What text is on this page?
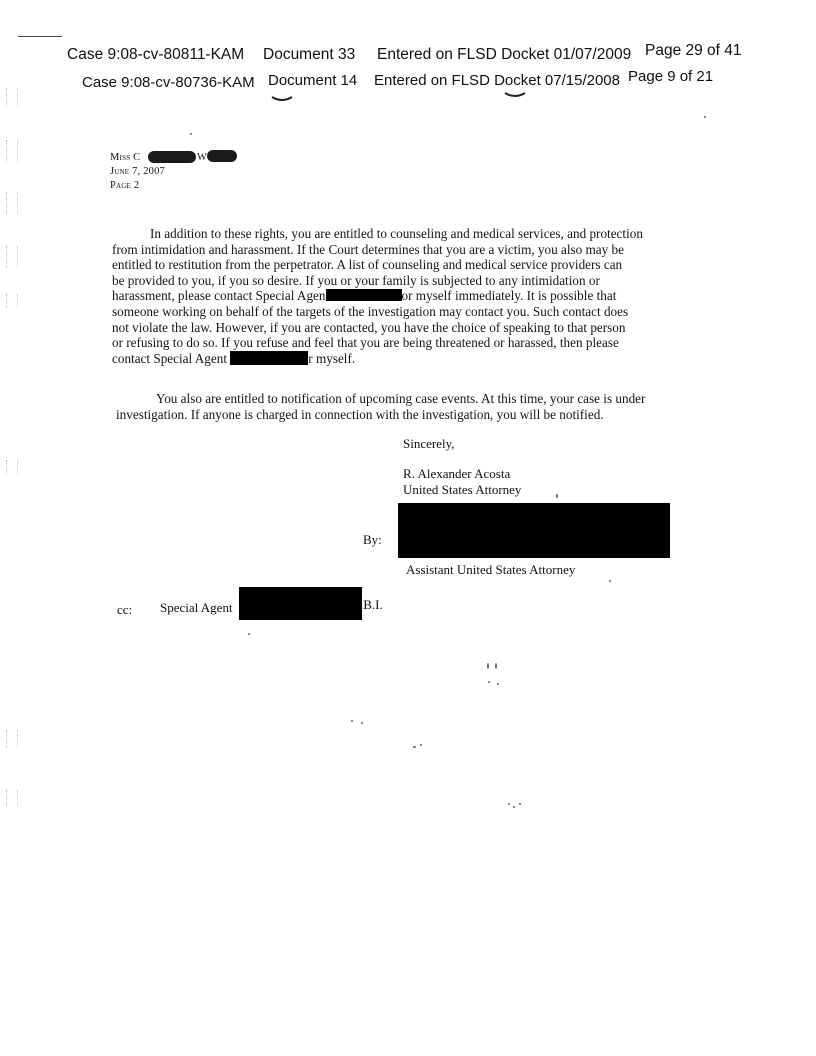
Case 9:08-cv-80811-KAM Document 33 Entered on FLSD Docket 01/07/2009 Page 29 of 41
Case 9:08-cv-80736-KAM Document 14 Entered on FLSD Docket 07/15/2008 Page 9 of 21
Miss C	W
June 7, 2007
Page 2
In addition to these rights, you are entitled to counseling and medical services, and protection
from intimidation and harassment. If the Court determines that you are a victim, you also may be
entitled to restitution from the perpetrator. A list of counseling and medical service providers can
be provided to you, if you so desire. If you or your family is subjected to any intimidation or
harassment, please contact Special Agen	or myself immediately. It is possible that
someone working on behalf of the targets of the investigation may contact you. Such contact does
not violate the law. However, if you are contacted, you have the choice of speaking to that person
or refusing to do so. If you refuse and feel that you are being threatened or harassed, then please
contact Special Agent	r myself.
You also are entitled to notification of upcoming case events. At this time, your case is under
investigation. If anyone is charged in connection with the investigation, you will be notified.
Sincerely,
R. Alexander Acosta
United States Attorney
By:
Assistant United States Attorney
cc: Special Agent	.B.I.
